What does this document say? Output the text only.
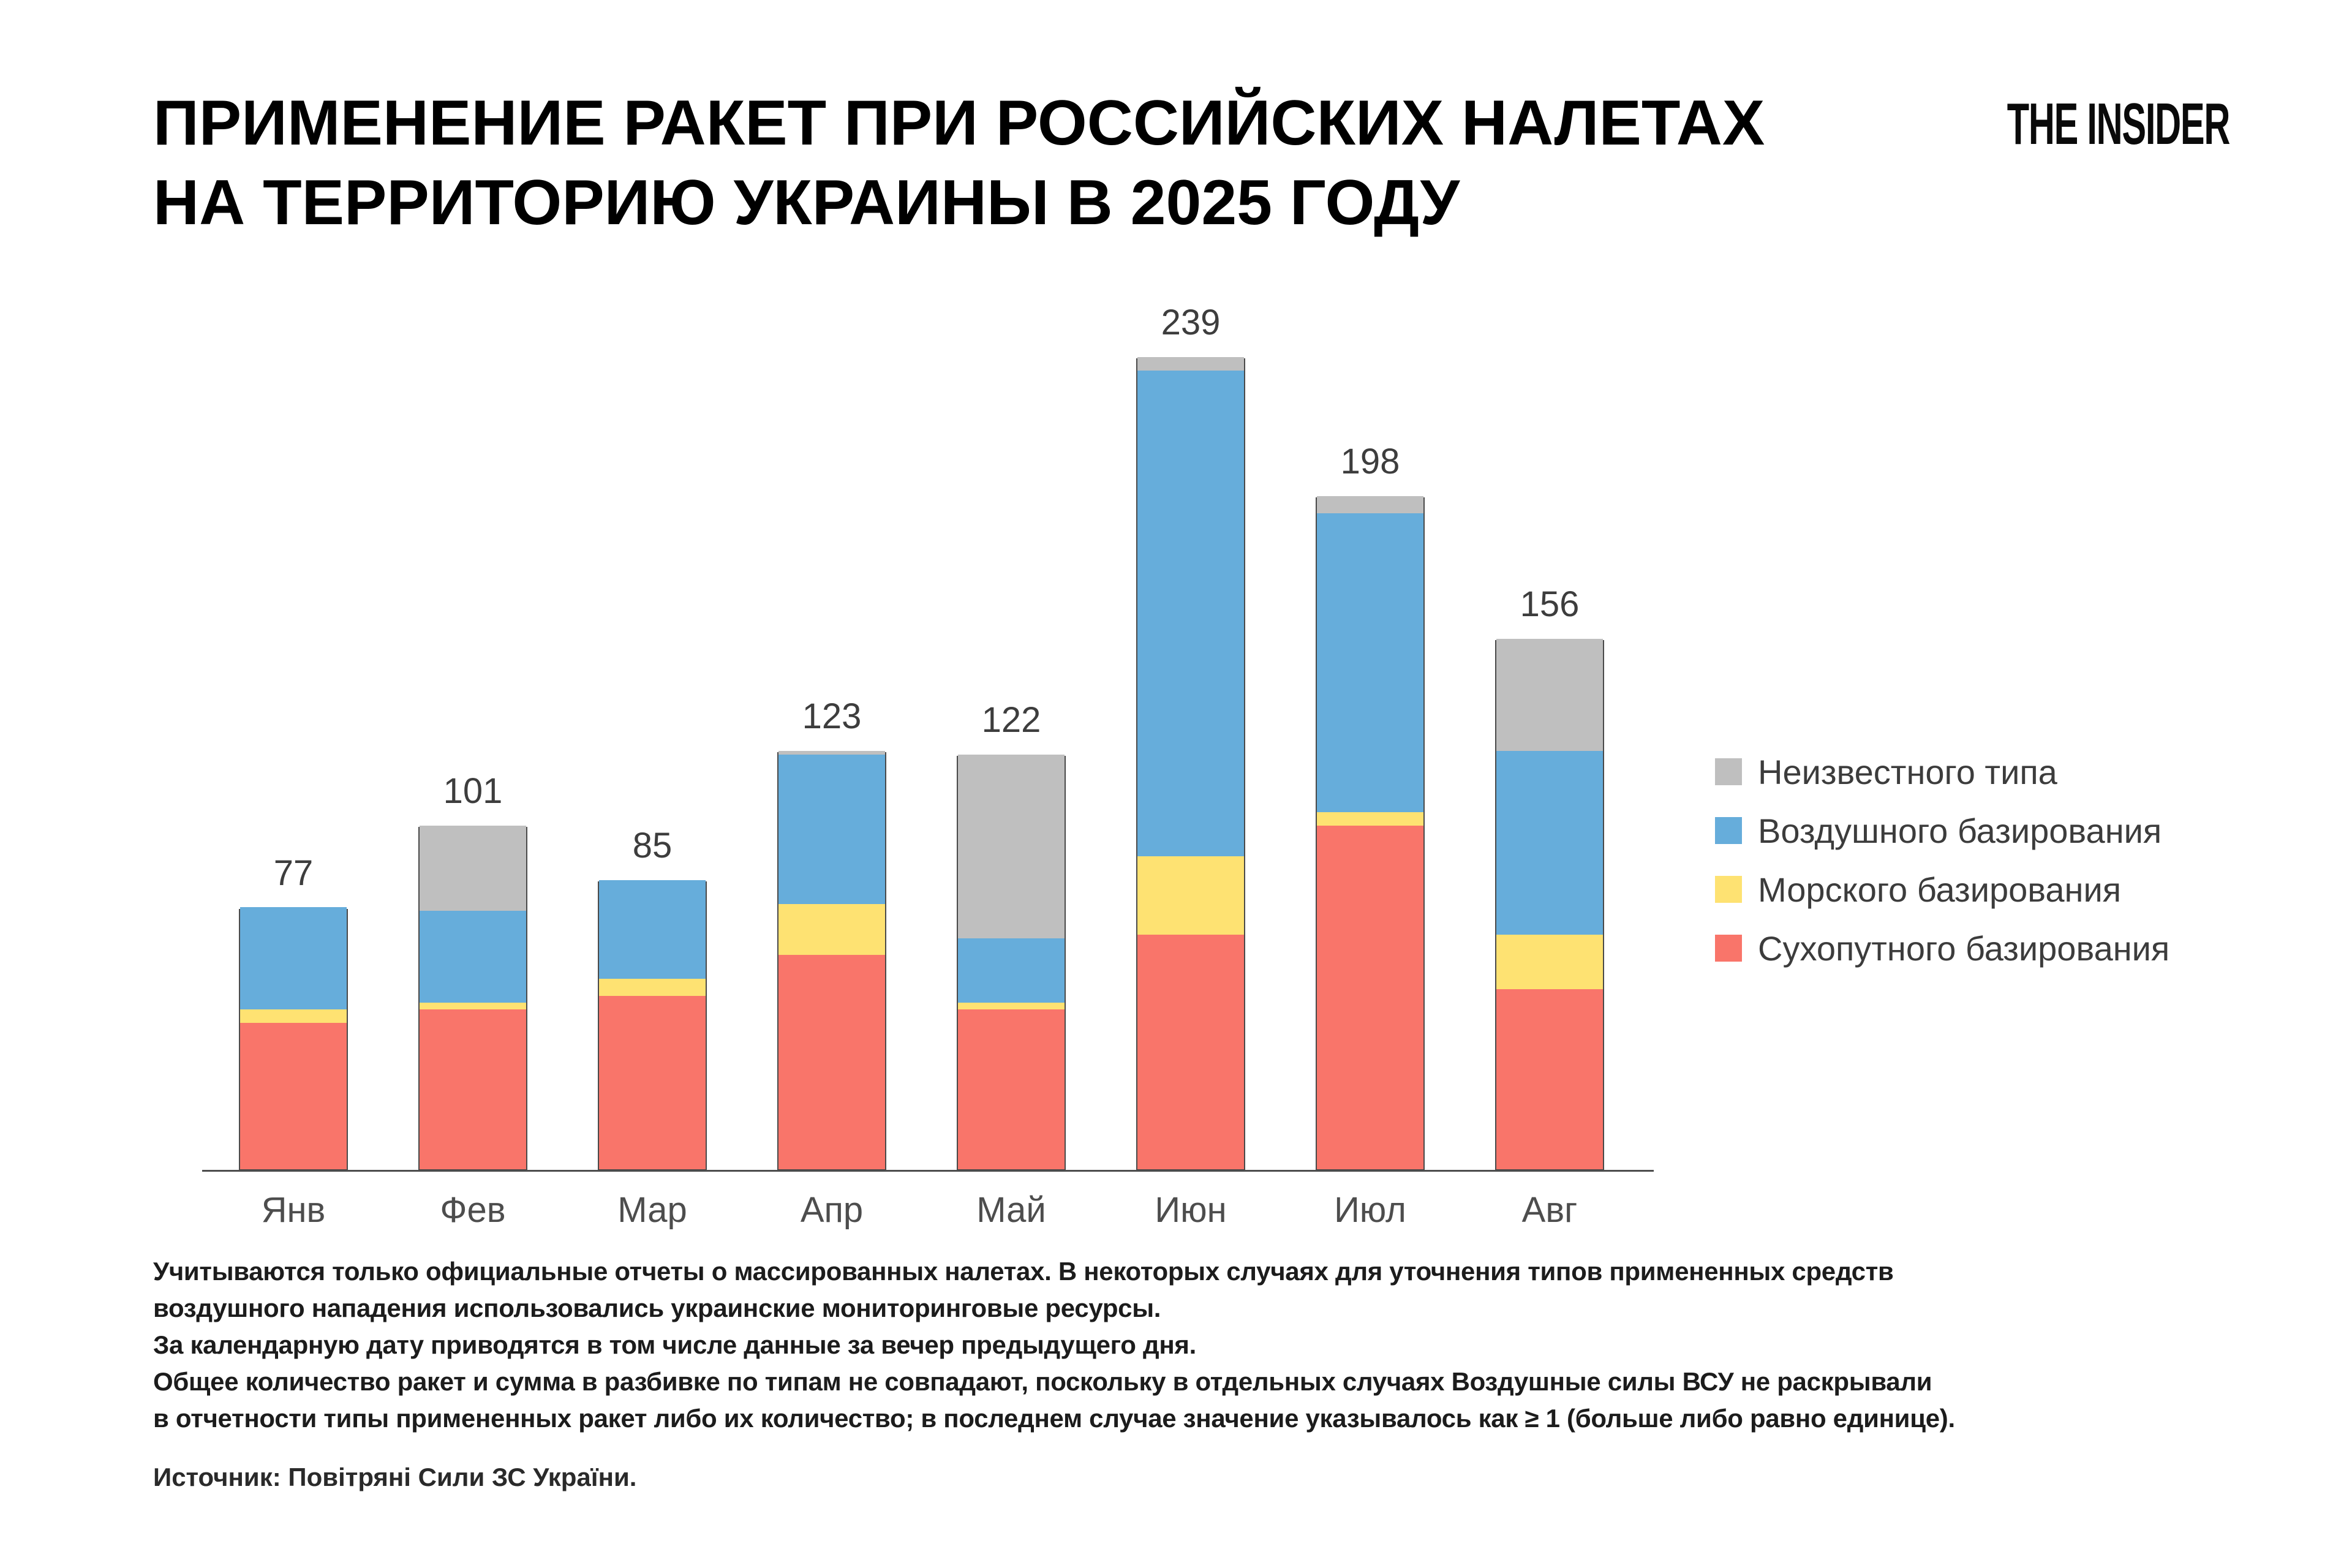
ПРИМЕНЕНИЕ РАКЕТ ПРИ РОССИЙСКИХ НАЛЕТАХ
НА ТЕРРИТОРИЮ УКРАИНЫ В 2025 ГОДУ
THE INSIDER
77
Янв
101
Фев
85
Мар
123
Апр
122
Май
239
Июн
198
Июл
156
Авг
Неизвестного типа
Воздушного базирования
Морского базирования
Сухопутного базирования
Учитываются только официальные отчеты о массированных налетах. В некоторых случаях для уточнения типов примененных средств
воздушного нападения использовались украинские мониторинговые ресурсы.
За календарную дату приводятся в том числе данные за вечер предыдущего дня.
Общее количество ракет и сумма в разбивке по типам не совпадают, поскольку в отдельных случаях Воздушные силы ВСУ не раскрывали
в отчетности типы примененных ракет либо их количество; в последнем случае значение указывалось как ≥ 1 (больше либо равно единице).
Источник: Повітряні Сили ЗС України.
